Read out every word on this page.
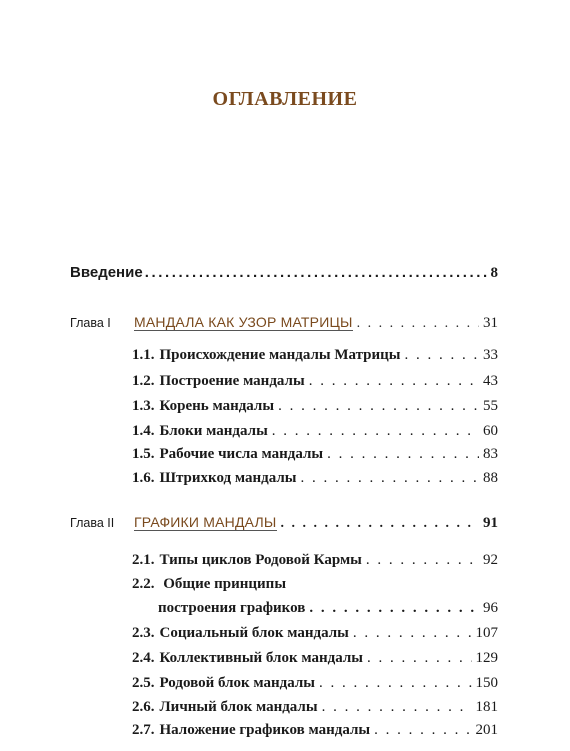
ОГЛАВЛЕНИЕ
Введение .....	8
Глава I	МАНДАЛА КАК УЗОР МАТРИЦЫ . . .	31
1.1. Происхождение мандалы Матрицы . . .	33
1.2. Построение мандалы . . .	43
1.3. Корень мандалы . . .	55
1.4. Блоки мандалы . . .	60
1.5. Рабочие числа мандалы . . .	83
1.6. Штрихкод мандалы . . .	88
Глава II	ГРАФИКИ МАНДАЛЫ . . .	91
2.1. Типы циклов Родовой Кармы . . .	92
2.2. Общие принципы
построения графиков . . .	96
2.3. Социальный блок мандалы . . .	107
2.4. Коллективный блок мандалы . . .	129
2.5. Родовой блок мандалы . . .	150
2.6. Личный блок мандалы . . .	181
2.7. Наложение графиков мандалы . . .	201
